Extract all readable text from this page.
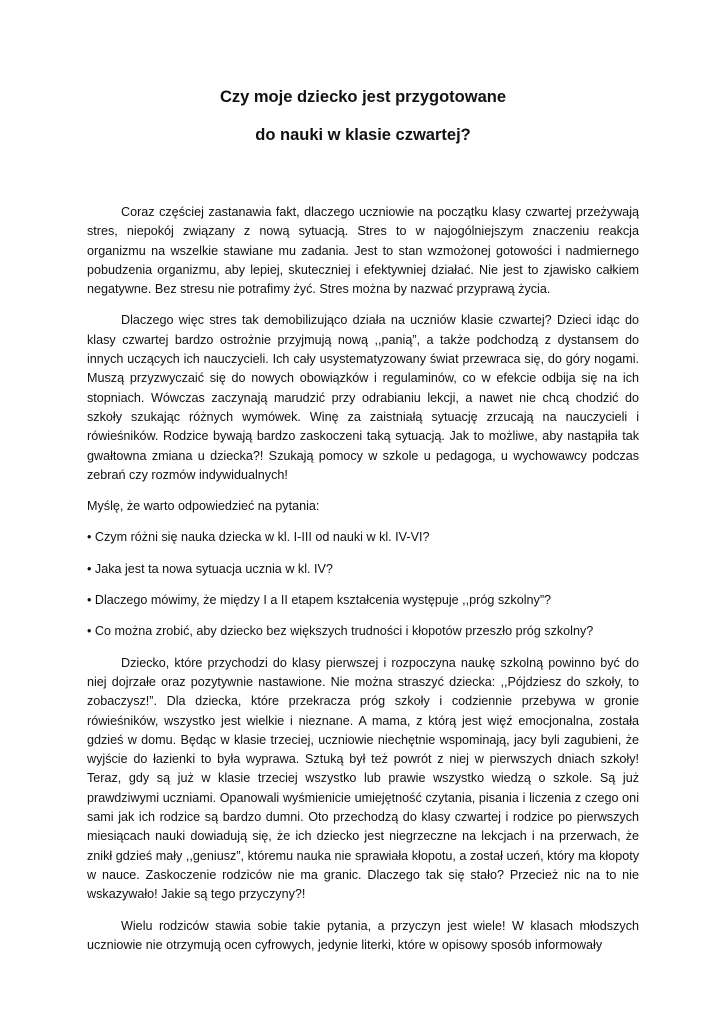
Czy moje dziecko jest przygotowane
do nauki w klasie czwartej?

Coraz częściej zastanawia fakt, dlaczego uczniowie na początku klasy czwartej przeżywają stres, niepokój związany z nową sytuacją. Stres to w najogólniejszym znaczeniu reakcja organizmu na wszelkie stawiane mu zadania. Jest to stan wzmożonej gotowości i nadmiernego pobudzenia organizmu, aby lepiej, skuteczniej i efektywniej działać. Nie jest to zjawisko całkiem negatywne. Bez stresu nie potrafimy żyć. Stres można by nazwać przyprawą życia.

Dlaczego więc stres tak demobilizująco działa na uczniów klasie czwartej? Dzieci idąc do klasy czwartej bardzo ostrożnie przyjmują nową ,,panią”, a także podchodzą z dystansem do innych uczących ich nauczycieli. Ich cały usystematyzowany świat przewraca się, do góry nogami. Muszą przyzwyczaić się do nowych obowiązków i regulaminów, co w efekcie odbija się na ich stopniach. Wówczas zaczynają marudzić przy odrabianiu lekcji, a nawet nie chcą chodzić do szkoły szukając różnych wymówek. Winę za zaistniałą sytuację zrzucają na nauczycieli i rówieśników. Rodzice bywają bardzo zaskoczeni taką sytuacją. Jak to możliwe, aby nastąpiła tak gwałtowna zmiana u dziecka?! Szukają pomocy w szkole u pedagoga, u wychowawcy podczas zebrań czy rozmów indywidualnych!

Myślę, że warto odpowiedzieć na pytania:

• Czym różni się nauka dziecka w kl. I-III od nauki w kl. IV-VI?

• Jaka jest ta nowa sytuacja ucznia w kl. IV?

• Dlaczego mówimy, że między I a II etapem kształcenia występuje ,,próg szkolny”?

• Co można zrobić, aby dziecko bez większych trudności i kłopotów przeszło próg szkolny?

Dziecko, które przychodzi do klasy pierwszej i rozpoczyna naukę szkolną powinno być do niej dojrzałe oraz pozytywnie nastawione. Nie można straszyć dziecka: ,,Pójdziesz do szkoły, to zobaczysz!”. Dla dziecka, które przekracza próg szkoły i codziennie przebywa w gronie rówieśników, wszystko jest wielkie i nieznane. A mama, z którą jest więź emocjonalna, została gdzieś w domu. Będąc w klasie trzeciej, uczniowie niechętnie wspominają, jacy byli zagubieni, że wyjście do łazienki to była wyprawa. Sztuką był też powrót z niej w pierwszych dniach szkoły! Teraz, gdy są już w klasie trzeciej wszystko lub prawie wszystko wiedzą o szkole. Są już prawdziwymi uczniami. Opanowali wyśmienicie umiejętność czytania, pisania i liczenia z czego oni sami jak ich rodzice są bardzo dumni. Oto przechodzą do klasy czwartej i rodzice po pierwszych miesiącach nauki dowiadują się, że ich dziecko jest niegrzeczne na lekcjach i na przerwach, że znikł gdzieś mały ,,geniusz”, któremu nauka nie sprawiała kłopotu, a został uczeń, który ma kłopoty w nauce. Zaskoczenie rodziców nie ma granic. Dlaczego tak się stało? Przecież nic na to nie wskazywało! Jakie są tego przyczyny?!

Wielu rodziców stawia sobie takie pytania, a przyczyn jest wiele! W klasach młodszych uczniowie nie otrzymują ocen cyfrowych, jedynie literki, które w opisowy sposób informowały
